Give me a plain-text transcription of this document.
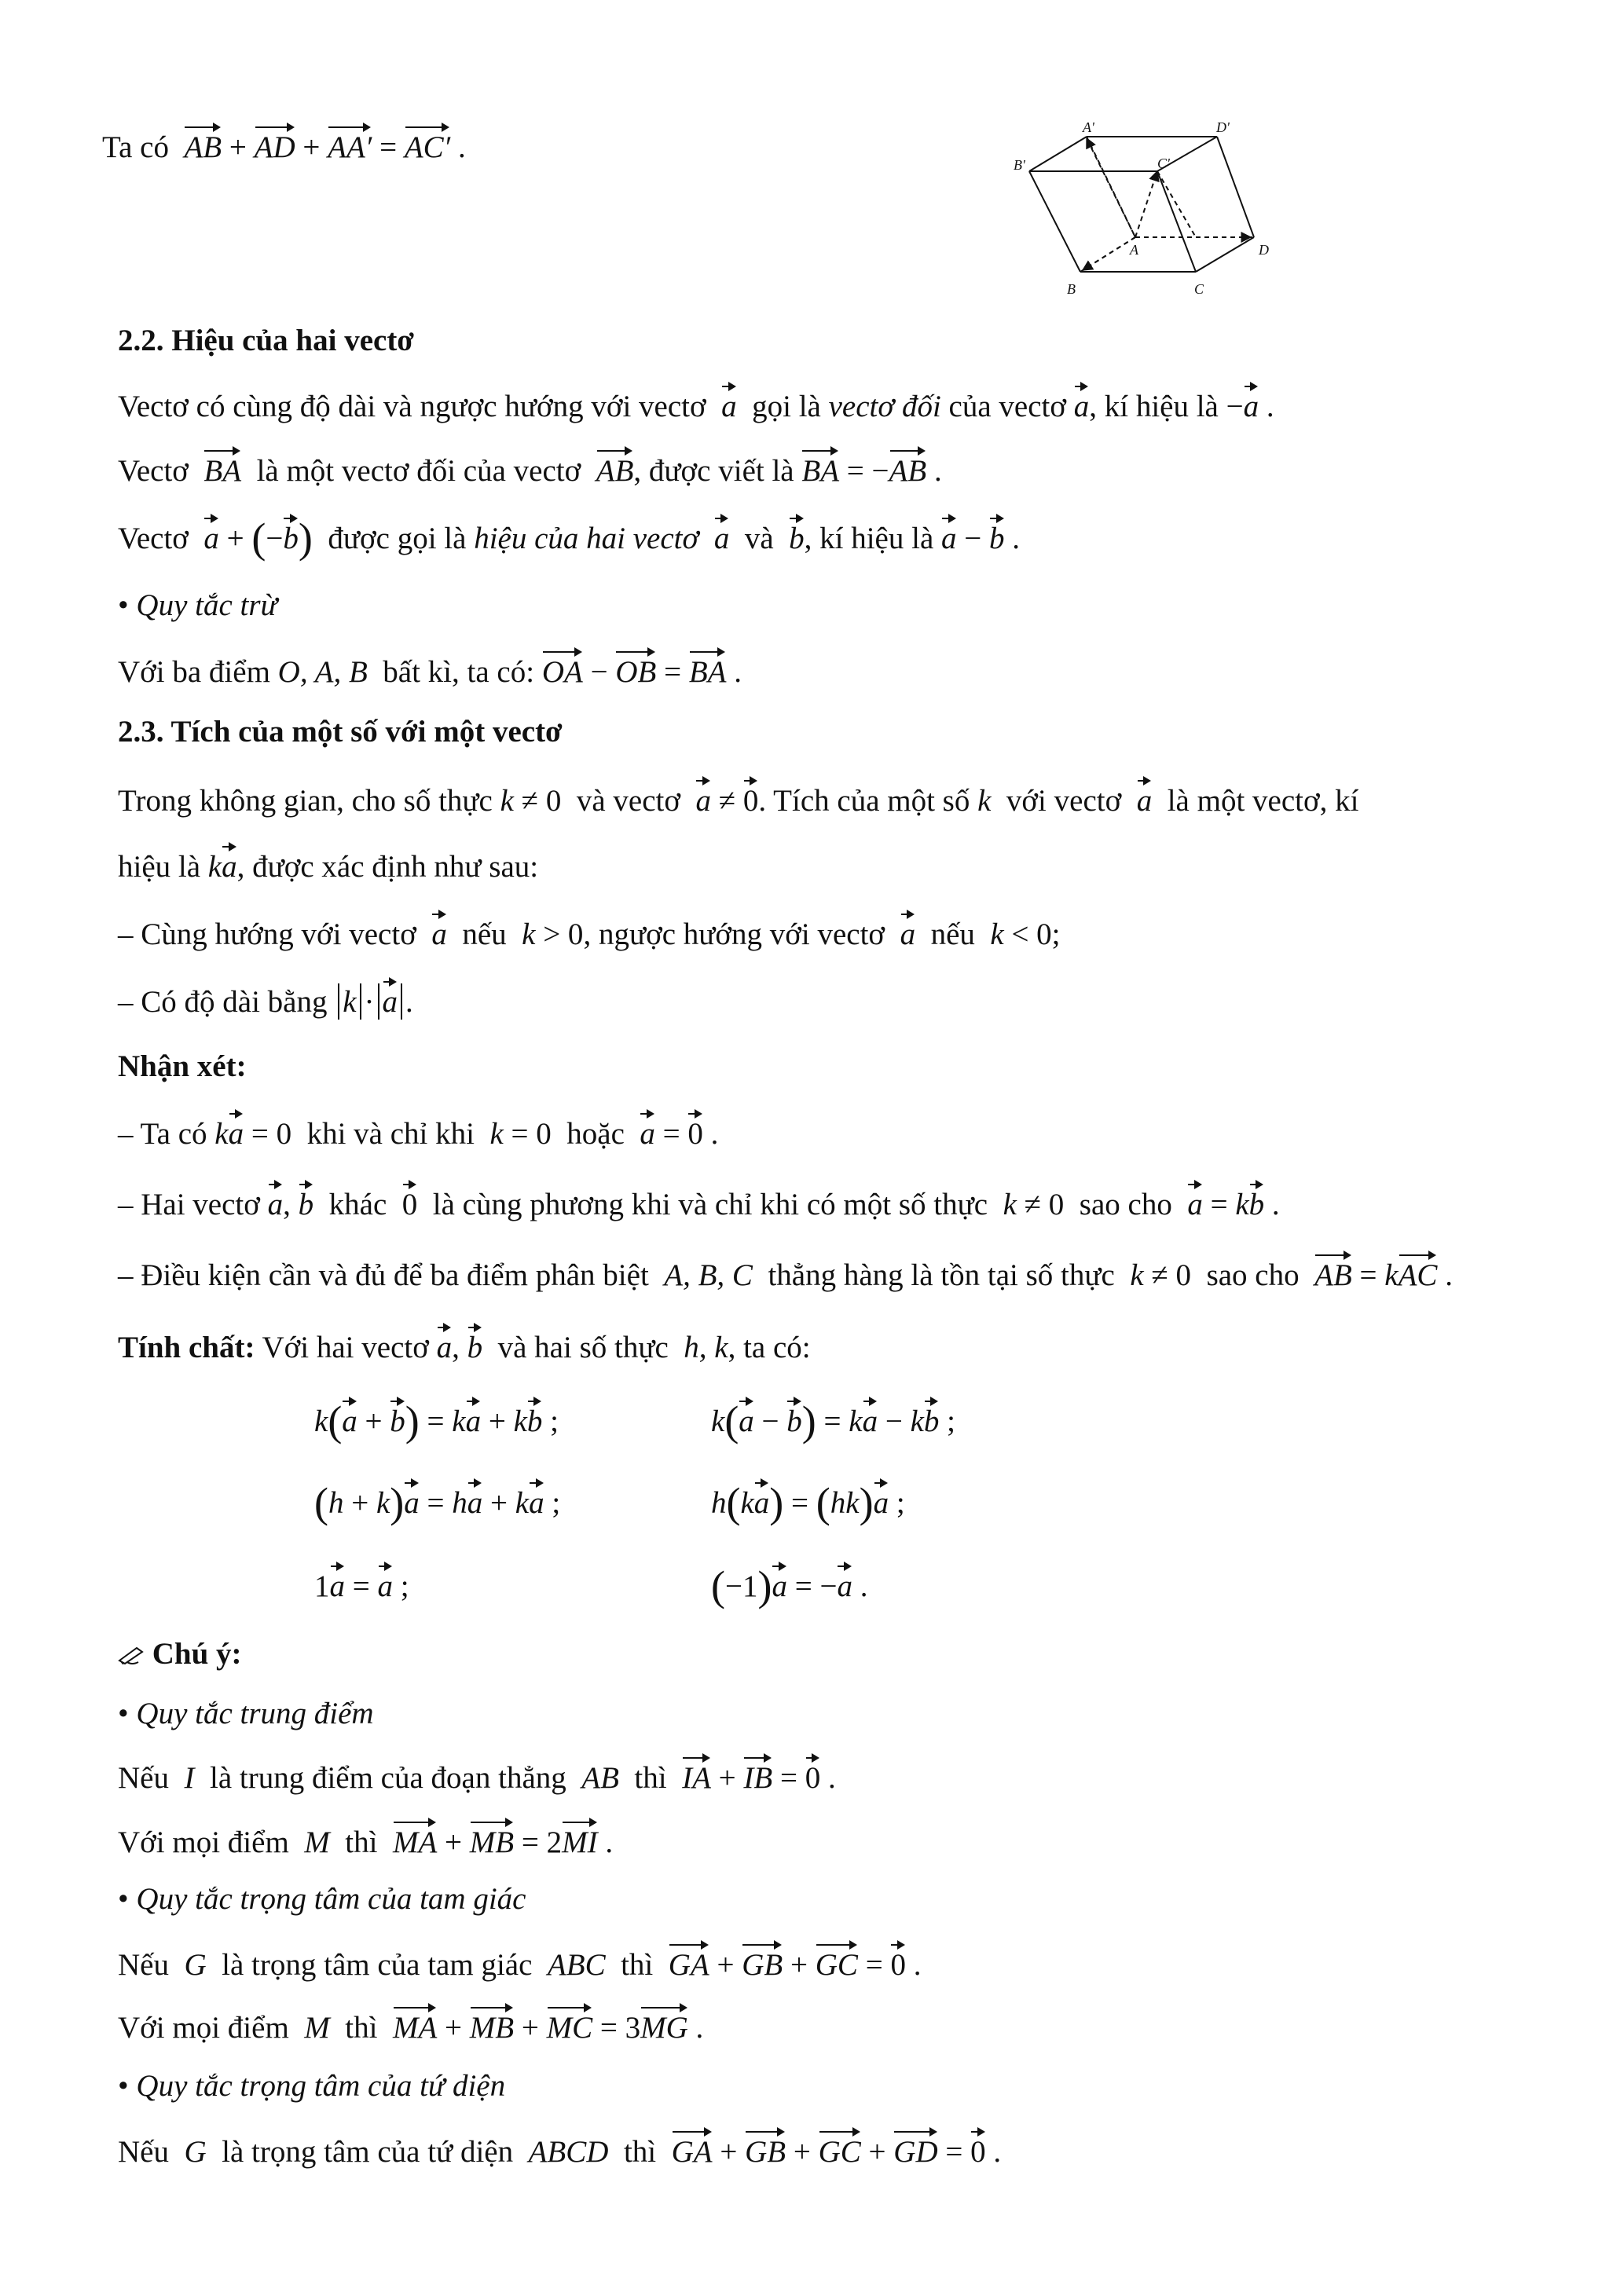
Ta có AB + AD + AA′ = AC′ .
A'	D'
B'	C'
A	D
B	C
2.2. Hiệu của hai vectơ
Vectơ có cùng độ dài và ngược hướng với vectơ a gọi là vectơ đối của vectơ a, kí hiệu là −a .
Vectơ BA là một vectơ đối của vectơ AB, được viết là BA = −AB .
Vectơ a + (−b) được gọi là hiệu của hai vectơ a và b, kí hiệu là a − b .
• Quy tắc trừ
Với ba điểm O, A, B bất kì, ta có: OA − OB = BA .
2.3. Tích của một số với một vectơ
Trong không gian, cho số thực k ≠ 0  và vectơ a ≠ 0. Tích của một số k với vectơ a là một vectơ, kí
hiệu là ka, được xác định như sau:
– Cùng hướng với vectơ a nếu k > 0, ngược hướng với vectơ a nếu k < 0;
– Có độ dài bằng k · a .
Nhận xét:
– Ta có ka = 0  khi và chỉ khi k = 0  hoặc a = 0 .
– Hai vectơ a, b khác 0 là cùng phương khi và chỉ khi có một số thực k ≠ 0  sao cho a = kb .
– Điều kiện cần và đủ để ba điểm phân biệt A, B, C thẳng hàng là tồn tại số thực k ≠ 0  sao cho AB = kAC .
Tính chất: Với hai vectơ a, b và hai số thực h, k, ta có:
k(a + b) = ka + kb ;	k(a − b) = ka − kb ;
(h + k)a = ha + ka ;	h(ka) = (hk)a ;
1a = a ;	(−1)a = −a .
Chú ý:
• Quy tắc trung điểm
Nếu I là trung điểm của đoạn thẳng AB thì IA + IB = 0 .
Với mọi điểm M thì MA + MB = 2MI .
• Quy tắc trọng tâm của tam giác
Nếu G là trọng tâm của tam giác ABC thì GA + GB + GC = 0 .
Với mọi điểm M thì MA + MB + MC = 3MG .
• Quy tắc trọng tâm của tứ diện
Nếu G là trọng tâm của tứ diện ABCD thì GA + GB + GC + GD = 0 .
